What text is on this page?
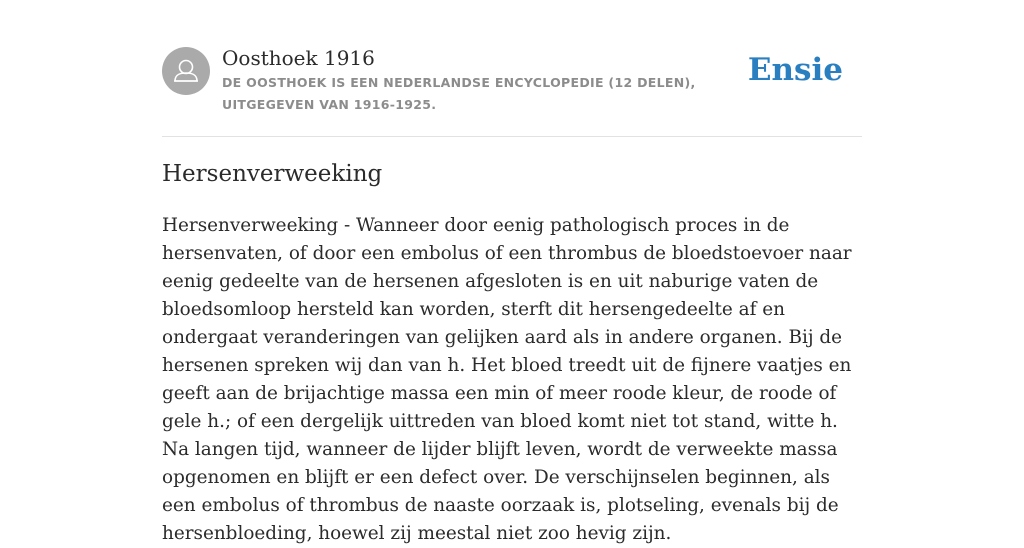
Oosthoek 1916
DE OOSTHOEK IS EEN NEDERLANDSE ENCYCLOPEDIE (12 DELEN), UITGEGEVEN VAN 1916-1925.
Ensie
Hersenverweeking

Hersenverweeking - Wanneer door eenig pathologisch proces in de hersenvaten, of door een embolus of een thrombus de bloedstoevoer naar eenig gedeelte van de hersenen afgesloten is en uit naburige vaten de bloedsomloop hersteld kan worden, sterft dit hersengedeelte af en ondergaat veranderingen van gelijken aard als in andere organen. Bij de hersenen spreken wij dan van h. Het bloed treedt uit de fijnere vaatjes en geeft aan de brijachtige massa een min of meer roode kleur, de roode of gele h.; of een dergelijk uittreden van bloed komt niet tot stand, witte h. Na langen tijd, wanneer de lijder blijft leven, wordt de verweekte massa opgenomen en blijft er een defect over. De verschijnselen beginnen, als een embolus of thrombus de naaste oorzaak is, plotseling, evenals bij de hersenbloeding, hoewel zij meestal niet zoo hevig zijn.
